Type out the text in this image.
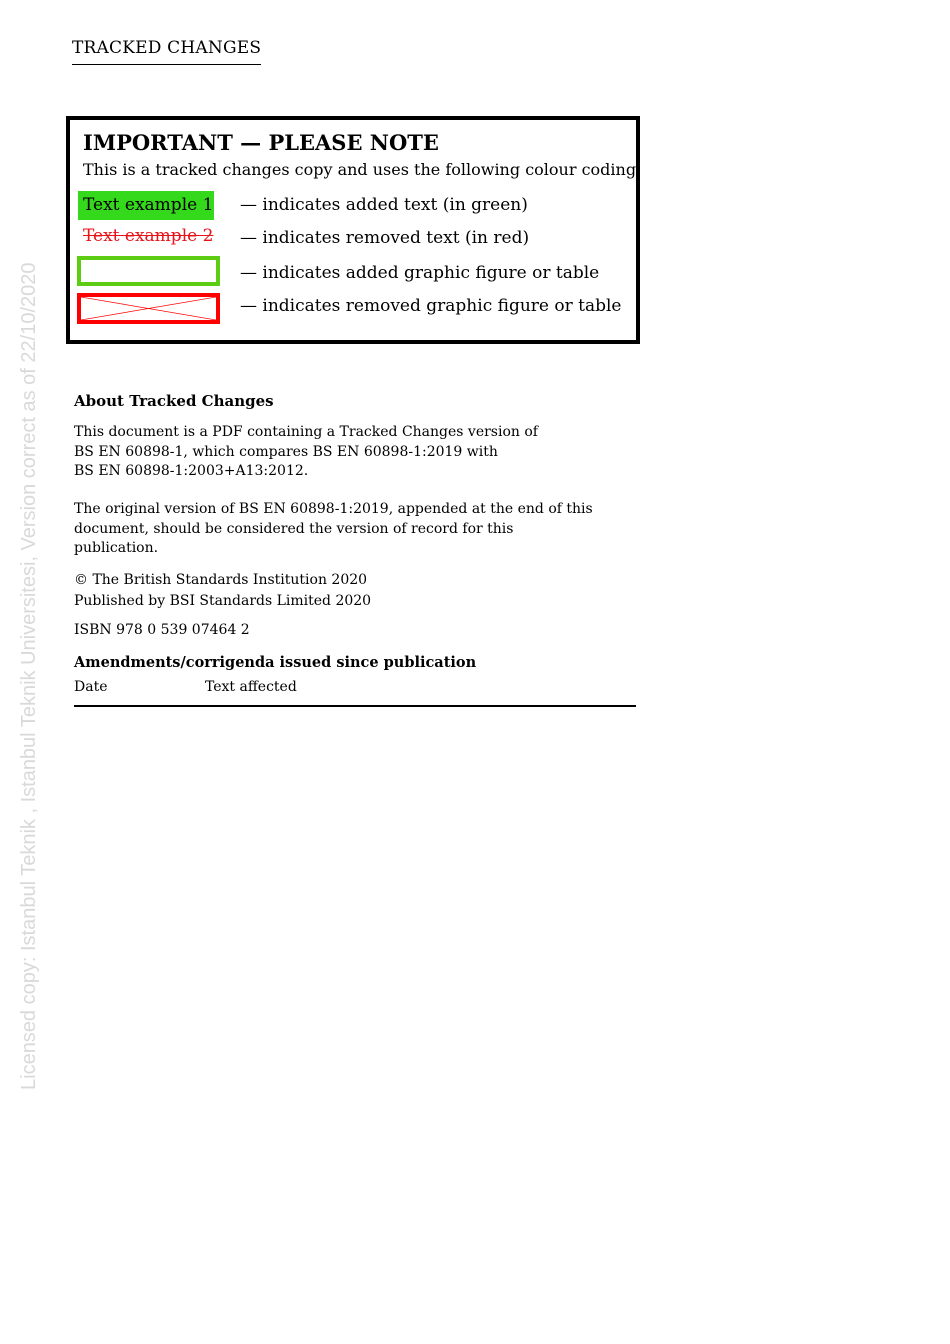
TRACKED CHANGES
Licensed copy: Istanbul Teknik , Istanbul Teknik Universitesi, Version correct as of 22/10/2020
IMPORTANT — PLEASE NOTE
This is a tracked changes copy and uses the following colour coding:
Text example 1 — indicates added text (in green)
Text example 2 — indicates removed text (in red)
— indicates added graphic figure or table
— indicates removed graphic figure or table
About Tracked Changes
This document is a PDF containing a Tracked Changes version of
BS EN 60898-1, which compares BS EN 60898-1:2019 with
BS EN 60898-1:2003+A13:2012.
The original version of BS EN 60898-1:2019, appended at the end of this
document, should be considered the version of record for this
publication.
© The British Standards Institution 2020
Published by BSI Standards Limited 2020
ISBN 978 0 539 07464 2
Amendments/corrigenda issued since publication
Date	Text affected
